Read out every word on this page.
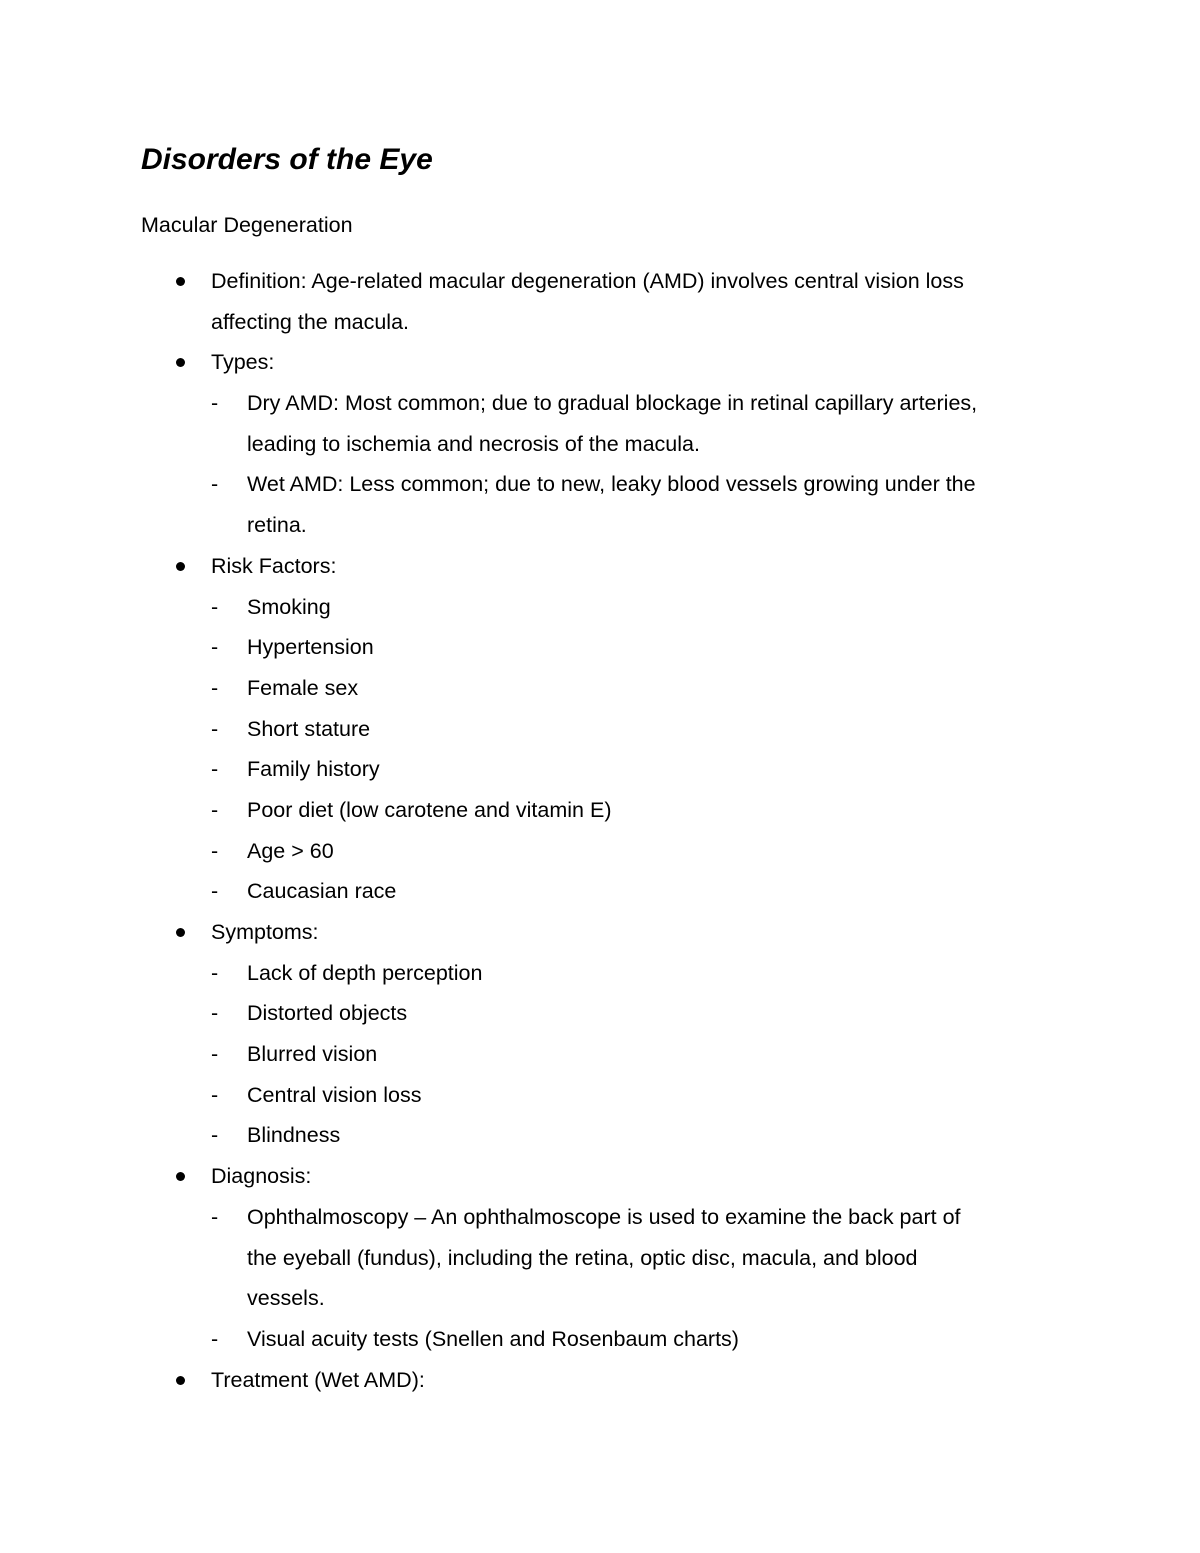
Disorders of the Eye
Macular Degeneration
Definition: Age-related macular degeneration (AMD) involves central vision loss
affecting the macula.
Types:
- Dry AMD: Most common; due to gradual blockage in retinal capillary arteries,
leading to ischemia and necrosis of the macula.
- Wet AMD: Less common; due to new, leaky blood vessels growing under the
retina.
Risk Factors:
- Smoking
- Hypertension
- Female sex
- Short stature
- Family history
- Poor diet (low carotene and vitamin E)
- Age > 60
- Caucasian race
Symptoms:
- Lack of depth perception
- Distorted objects
- Blurred vision
- Central vision loss
- Blindness
Diagnosis:
- Ophthalmoscopy – An ophthalmoscope is used to examine the back part of
the eyeball (fundus), including the retina, optic disc, macula, and blood
vessels.
- Visual acuity tests (Snellen and Rosenbaum charts)
Treatment (Wet AMD):
